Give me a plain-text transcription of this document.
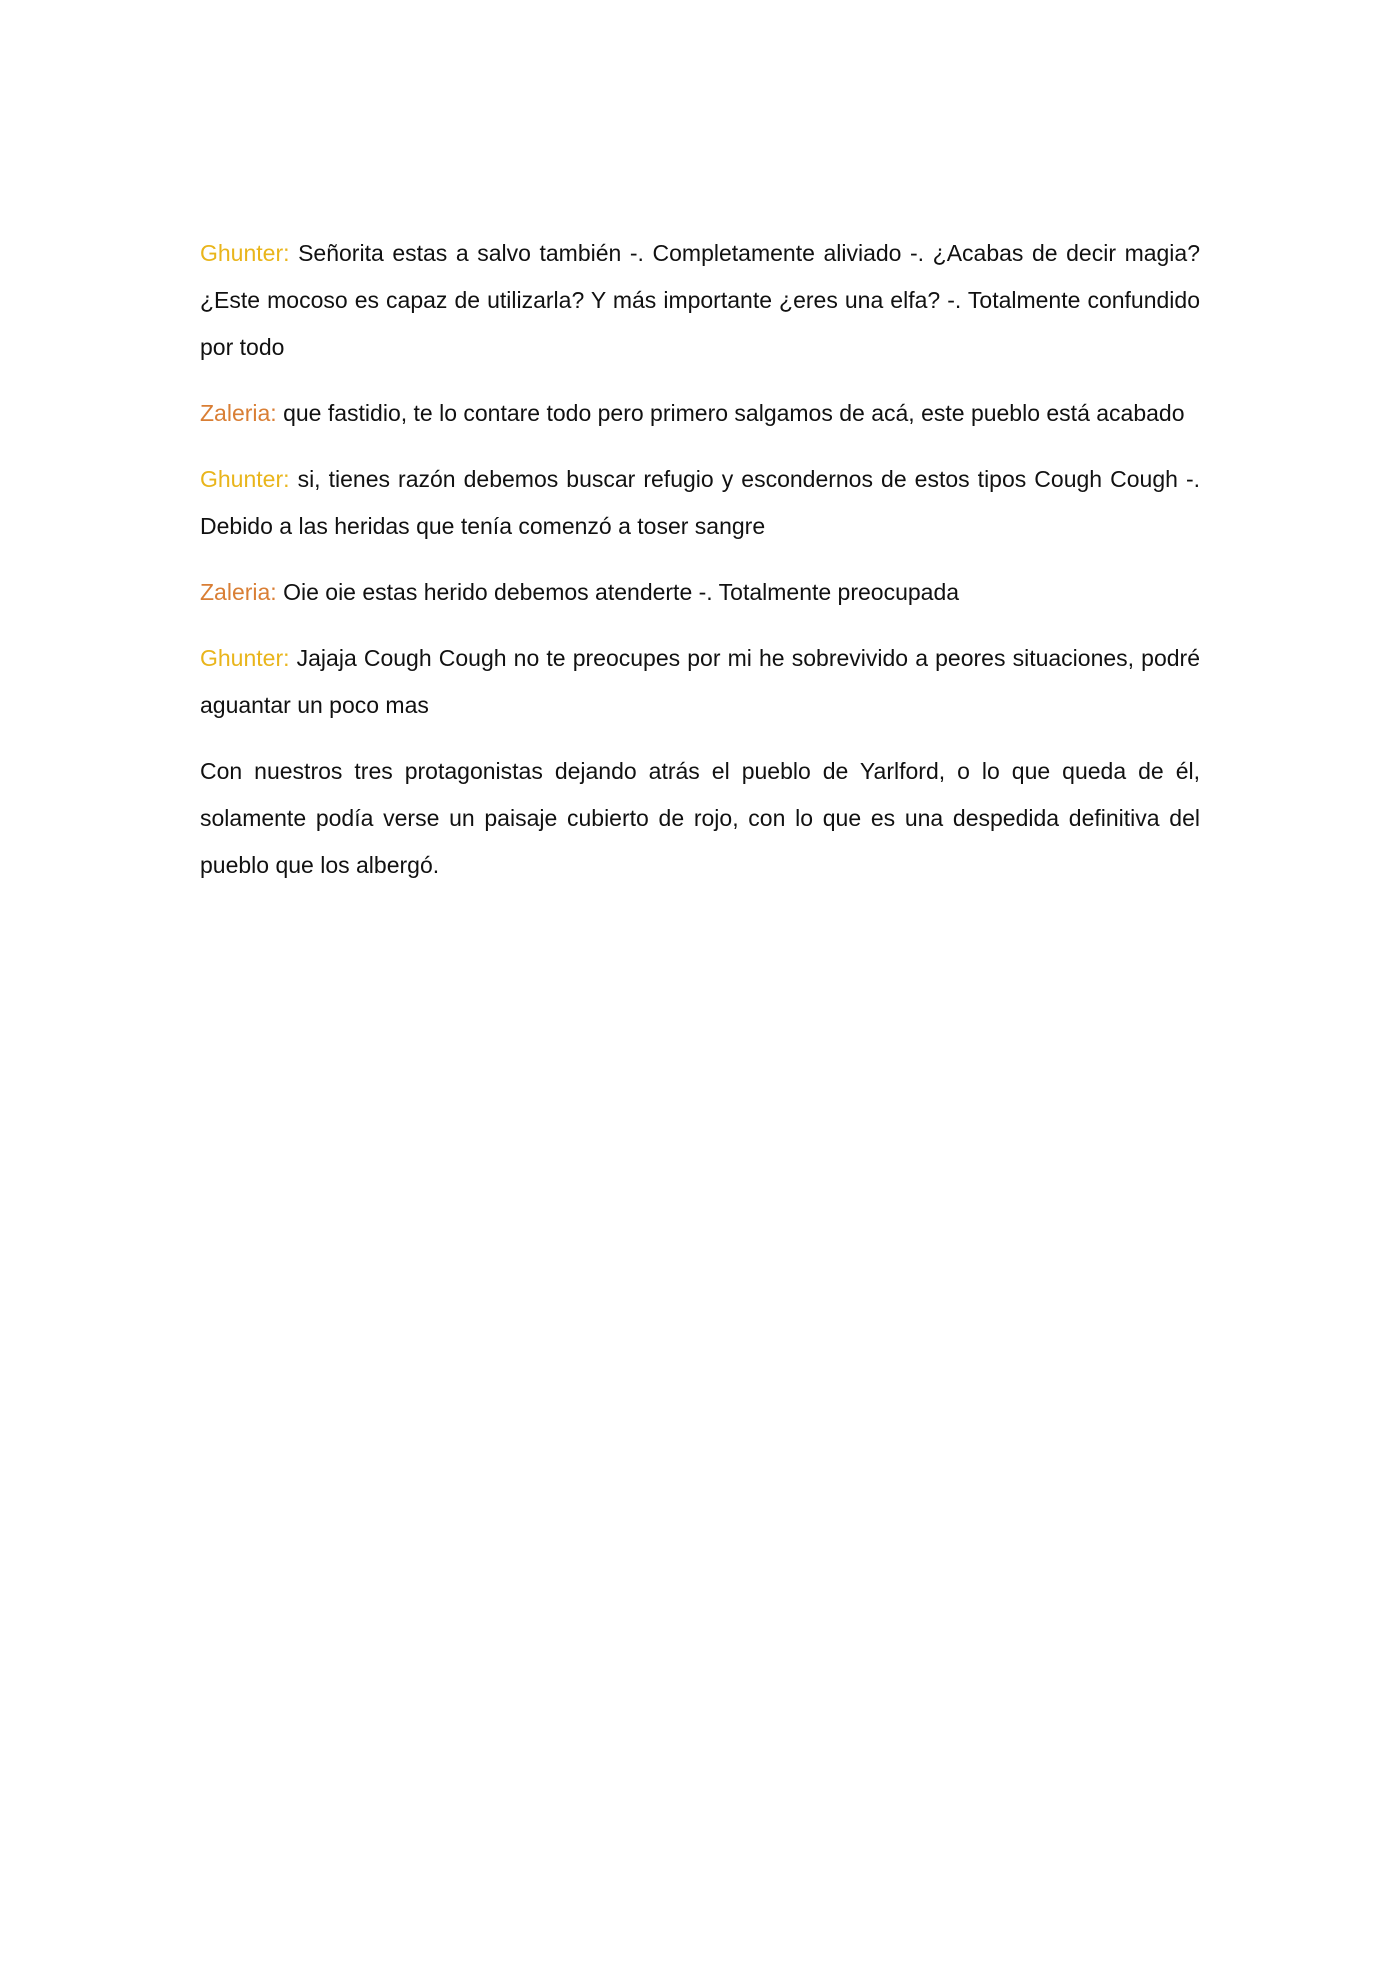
Ghunter: Señorita estas a salvo también -. Completamente aliviado -. ¿Acabas de decir magia? ¿Este mocoso es capaz de utilizarla? Y más importante ¿eres una elfa? -. Totalmente confundido por todo

Zaleria: que fastidio, te lo contare todo pero primero salgamos de acá, este pueblo está acabado

Ghunter: si, tienes razón debemos buscar refugio y escondernos de estos tipos Cough Cough -. Debido a las heridas que tenía comenzó a toser sangre

Zaleria: Oie oie estas herido debemos atenderte -. Totalmente preocupada

Ghunter: Jajaja Cough Cough no te preocupes por mi he sobrevivido a peores situaciones, podré aguantar un poco mas

Con nuestros tres protagonistas dejando atrás el pueblo de Yarlford, o lo que queda de él, solamente podía verse un paisaje cubierto de rojo, con lo que es una despedida definitiva del pueblo que los albergó.
